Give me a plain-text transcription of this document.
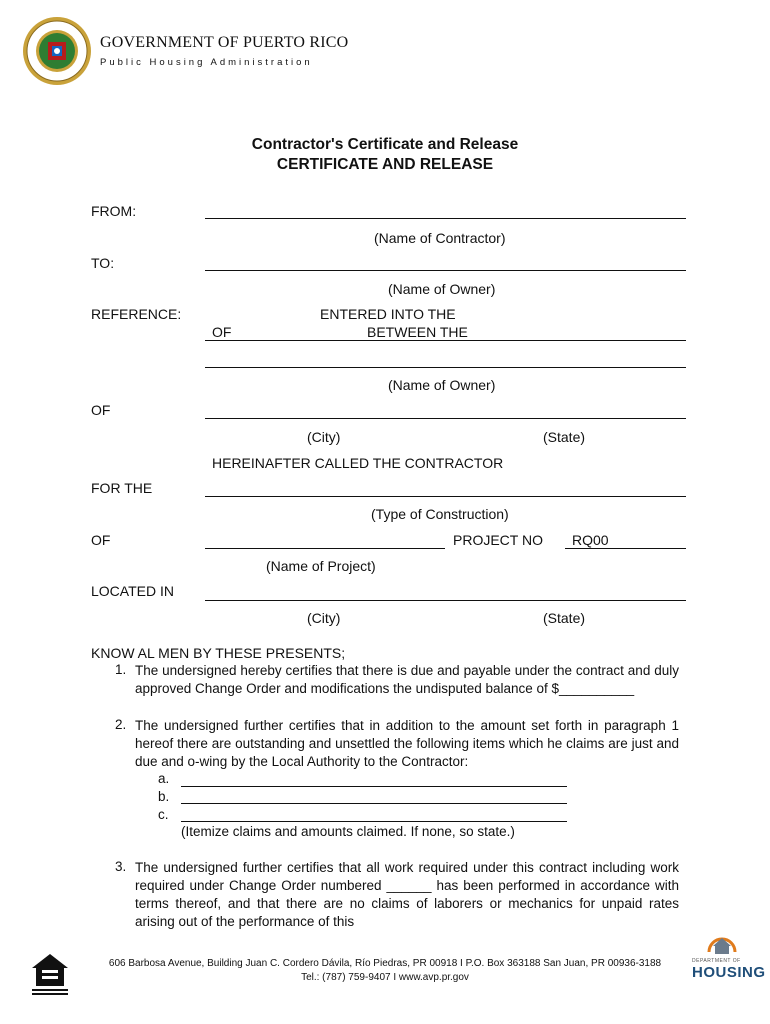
GOVERNMENT OF PUERTO RICO
Public Housing Administration
Contractor's Certificate and Release
CERTIFICATE AND RELEASE
FROM:
(Name of Contractor)
TO:
(Name of Owner)
REFERENCE:	ENTERED INTO THE
OF	BETWEEN THE
(Name of Owner)
OF
(City)	(State)
HEREINAFTER CALLED THE CONTRACTOR
FOR THE
(Type of Construction)
OF	PROJECT NO RQ00
(Name of Project)
LOCATED IN
(City)	(State)
KNOW AL MEN BY THESE PRESENTS;
1. The undersigned hereby certifies that there is due and payable under the contract and duly approved Change Order and modifications the undisputed balance of $__________
2. The undersigned further certifies that in addition to the amount set forth in paragraph 1 hereof there are outstanding and unsettled the following items which he claims are just and due and o-wing by the Local Authority to the Contractor:
a.
b.
c.
(Itemize claims and amounts claimed. If none, so state.)
3. The undersigned further certifies that all work required under this contract including work required under Change Order numbered ______ has been performed in accordance with terms thereof, and that there are no claims of laborers or mechanics for unpaid rates arising out of the performance of this
606 Barbosa Avenue, Building Juan C. Cordero Dávila, Río Piedras, PR 00918 I P.O. Box 363188 San Juan, PR 00936-3188
Tel.: (787) 759-9407 I www.avp.pr.gov
DEPARTMENT OF
HOUSING
